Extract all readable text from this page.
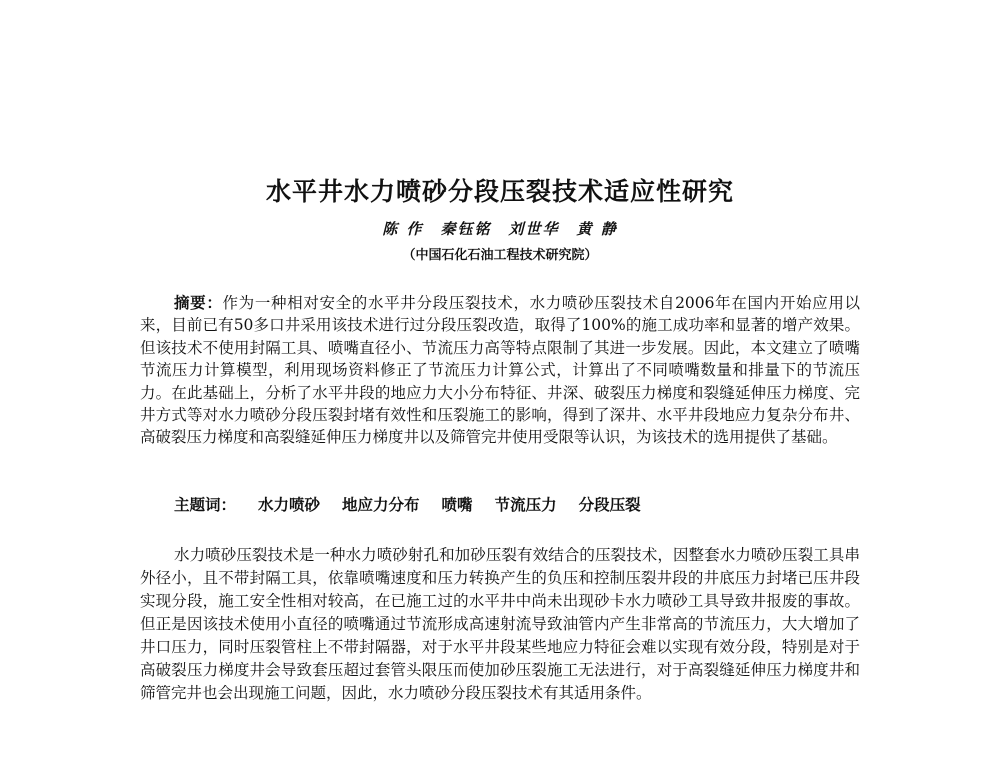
水平井水力喷砂分段压裂技术适应性研究
陈 作　秦钰铭　刘世华　黄 静
（中国石化石油工程技术研究院）
摘要：作为一种相对安全的水平井分段压裂技术，水力喷砂压裂技术自2006年在国内开始应用以来，目前已有50多口井采用该技术进行过分段压裂改造，取得了100%的施工成功率和显著的增产效果。但该技术不使用封隔工具、喷嘴直径小、节流压力高等特点限制了其进一步发展。因此，本文建立了喷嘴节流压力计算模型，利用现场资料修正了节流压力计算公式，计算出了不同喷嘴数量和排量下的节流压力。在此基础上，分析了水平井段的地应力大小分布特征、井深、破裂压力梯度和裂缝延伸压力梯度、完井方式等对水力喷砂分段压裂封堵有效性和压裂施工的影响，得到了深井、水平井段地应力复杂分布井、高破裂压力梯度和高裂缝延伸压力梯度井以及筛管完井使用受限等认识，为该技术的选用提供了基础。
主题词： 水力喷砂 地应力分布 喷嘴 节流压力 分段压裂
水力喷砂压裂技术是一种水力喷砂射孔和加砂压裂有效结合的压裂技术，因整套水力喷砂压裂工具串外径小，且不带封隔工具，依靠喷嘴速度和压力转换产生的负压和控制压裂井段的井底压力封堵已压井段实现分段，施工安全性相对较高，在已施工过的水平井中尚未出现砂卡水力喷砂工具导致井报废的事故。但正是因该技术使用小直径的喷嘴通过节流形成高速射流导致油管内产生非常高的节流压力，大大增加了井口压力，同时压裂管柱上不带封隔器，对于水平井段某些地应力特征会难以实现有效分段，特别是对于高破裂压力梯度井会导致套压超过套管头限压而使加砂压裂施工无法进行，对于高裂缝延伸压力梯度井和筛管完井也会出现施工问题，因此，水力喷砂分段压裂技术有其适用条件。
